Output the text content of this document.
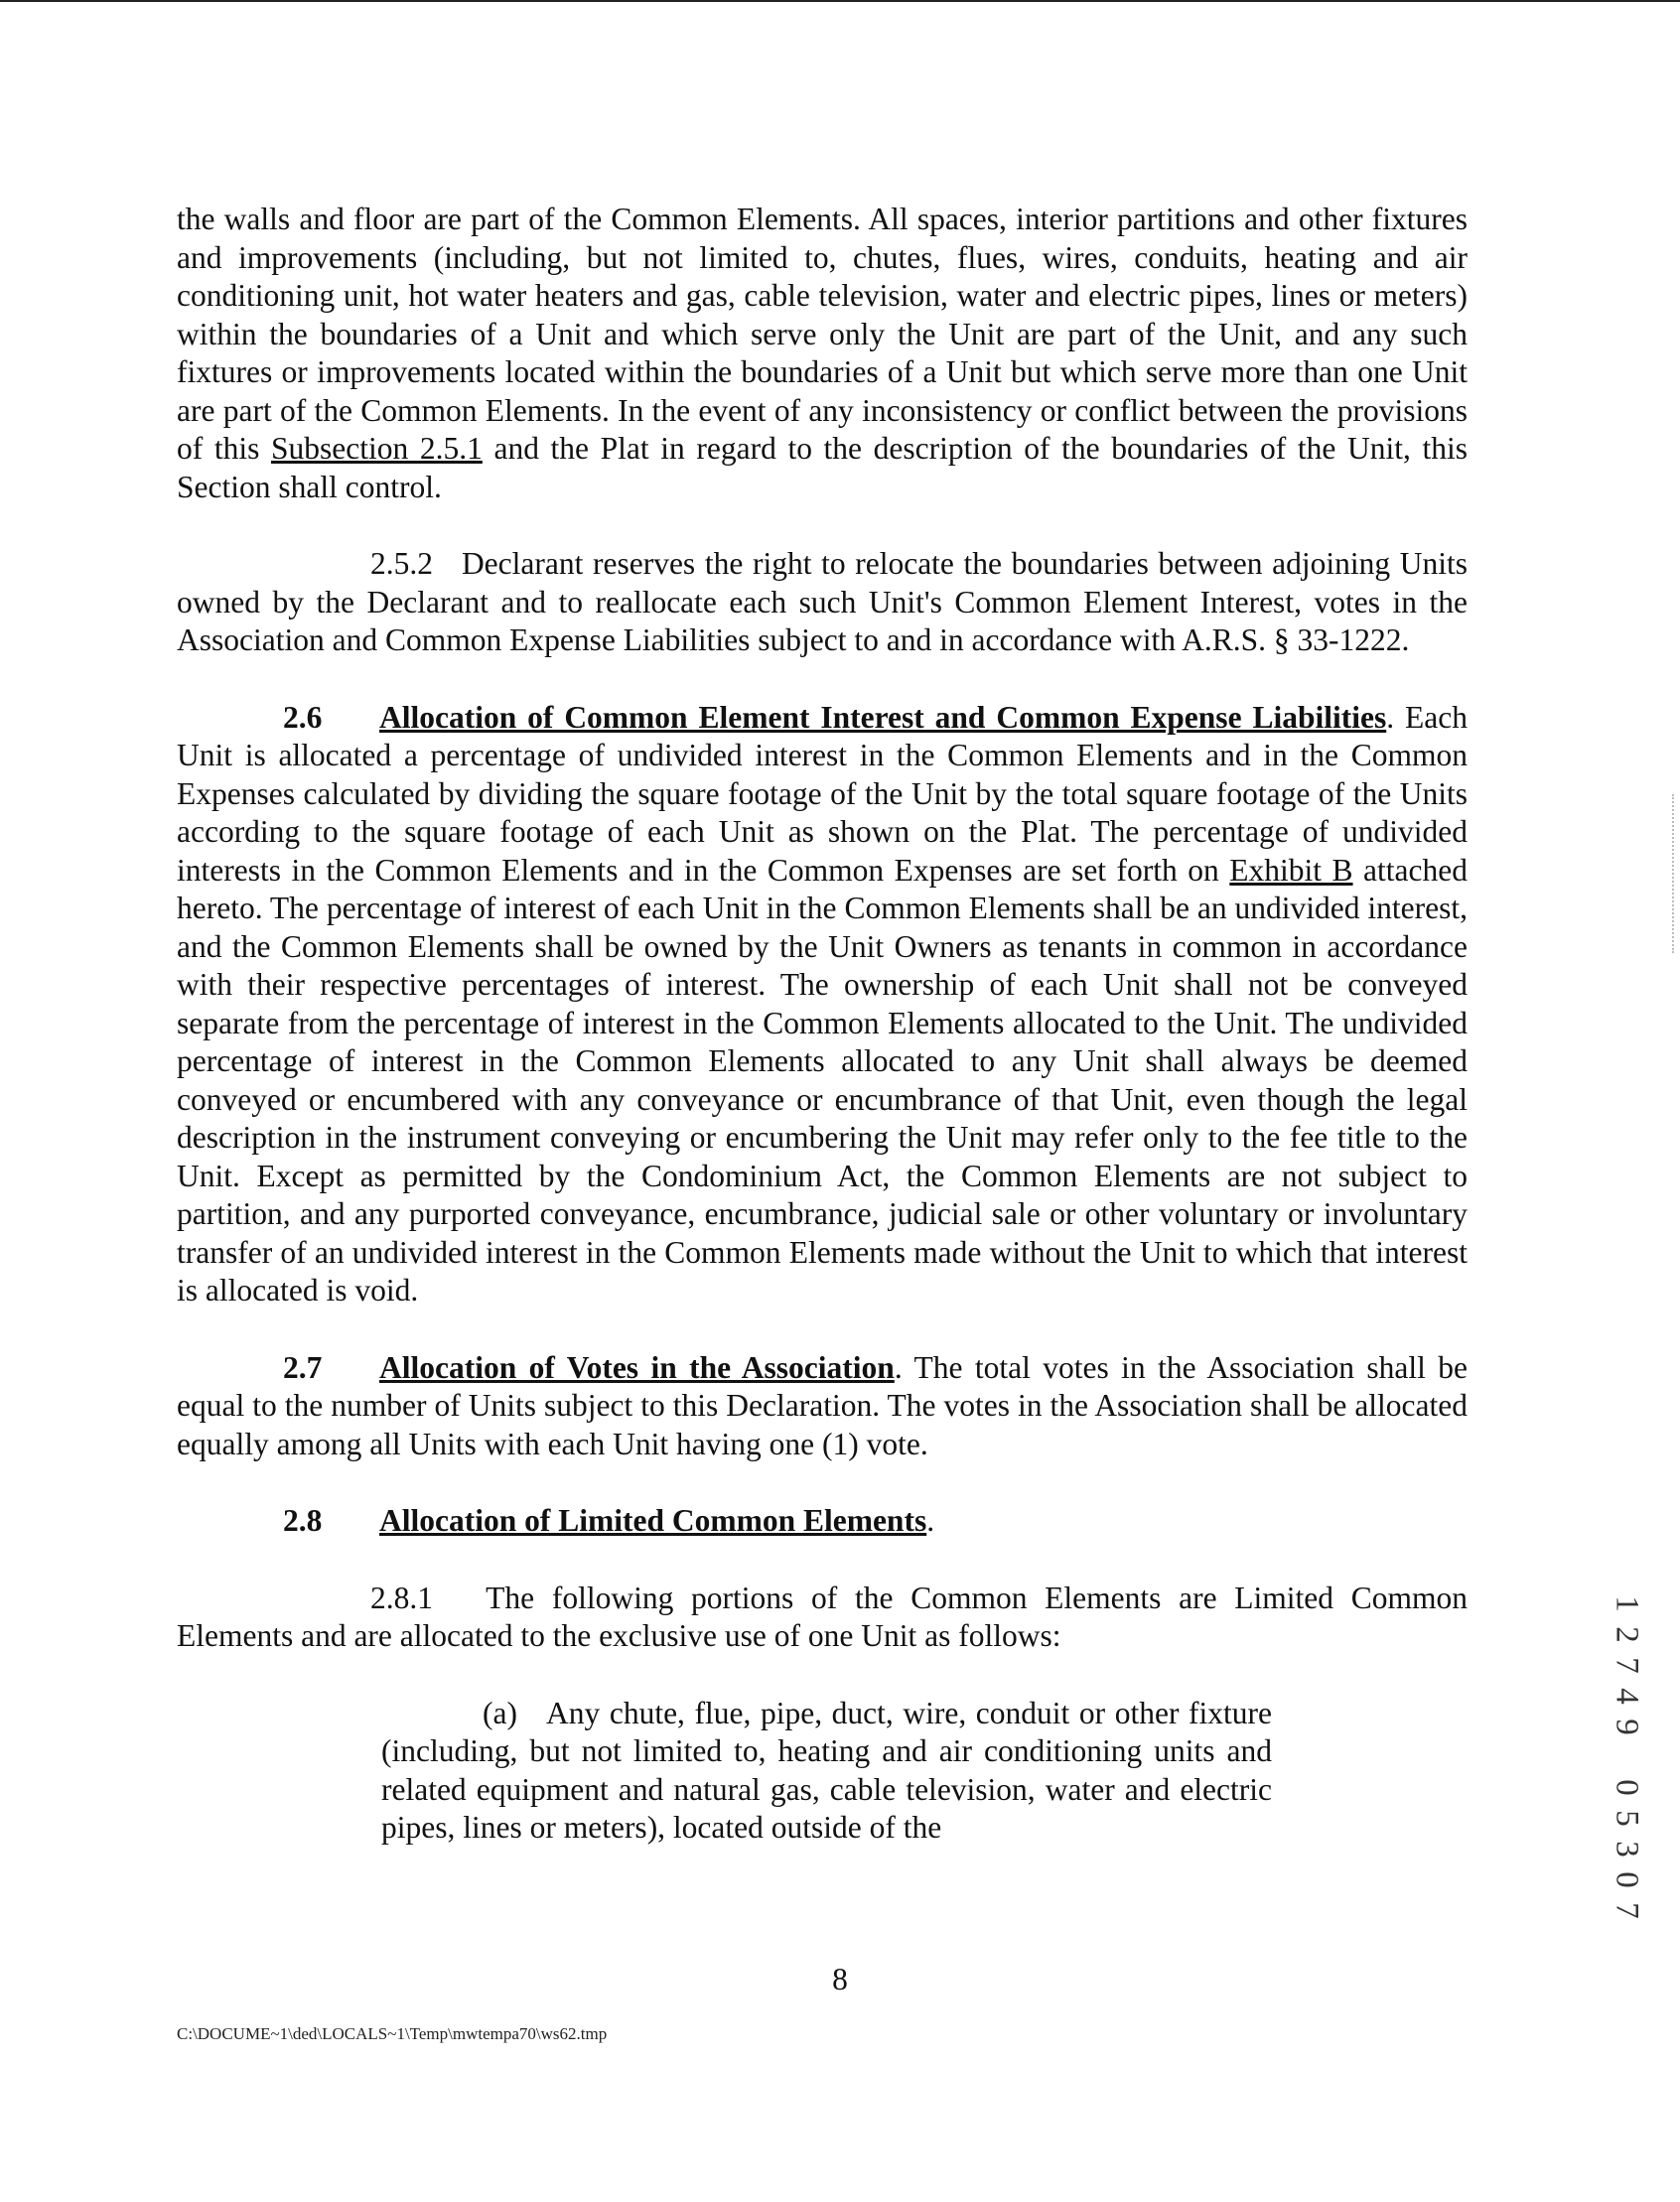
the walls and floor are part of the Common Elements. All spaces, interior partitions and other fixtures and improvements (including, but not limited to, chutes, flues, wires, conduits, heating and air conditioning unit, hot water heaters and gas, cable television, water and electric pipes, lines or meters) within the boundaries of a Unit and which serve only the Unit are part of the Unit, and any such fixtures or improvements located within the boundaries of a Unit but which serve more than one Unit are part of the Common Elements. In the event of any inconsistency or conflict between the provisions of this Subsection 2.5.1 and the Plat in regard to the description of the boundaries of the Unit, this Section shall control.

2.5.2 Declarant reserves the right to relocate the boundaries between adjoining Units owned by the Declarant and to reallocate each such Unit's Common Element Interest, votes in the Association and Common Expense Liabilities subject to and in accordance with A.R.S. § 33-1222.

2.6 Allocation of Common Element Interest and Common Expense Liabilities. Each Unit is allocated a percentage of undivided interest in the Common Elements and in the Common Expenses calculated by dividing the square footage of the Unit by the total square footage of the Units according to the square footage of each Unit as shown on the Plat. The percentage of undivided interests in the Common Elements and in the Common Expenses are set forth on Exhibit B attached hereto. The percentage of interest of each Unit in the Common Elements shall be an undivided interest, and the Common Elements shall be owned by the Unit Owners as tenants in common in accordance with their respective percentages of interest. The ownership of each Unit shall not be conveyed separate from the percentage of interest in the Common Elements allocated to the Unit. The undivided percentage of interest in the Common Elements allocated to any Unit shall always be deemed conveyed or encumbered with any conveyance or encumbrance of that Unit, even though the legal description in the instrument conveying or encumbering the Unit may refer only to the fee title to the Unit. Except as permitted by the Condominium Act, the Common Elements are not subject to partition, and any purported conveyance, encumbrance, judicial sale or other voluntary or involuntary transfer of an undivided interest in the Common Elements made without the Unit to which that interest is allocated is void.

2.7 Allocation of Votes in the Association. The total votes in the Association shall be equal to the number of Units subject to this Declaration. The votes in the Association shall be allocated equally among all Units with each Unit having one (1) vote.

2.8 Allocation of Limited Common Elements.

2.8.1 The following portions of the Common Elements are Limited Common Elements and are allocated to the exclusive use of one Unit as follows:

(a) Any chute, flue, pipe, duct, wire, conduit or other fixture (including, but not limited to, heating and air conditioning units and related equipment and natural gas, cable television, water and electric pipes, lines or meters), located outside of the

8
C:\DOCUME~1\ded\LOCALS~1\Temp\mwtempa70\ws62.tmp
1
2
7
4
9
0
5
3
0
7
